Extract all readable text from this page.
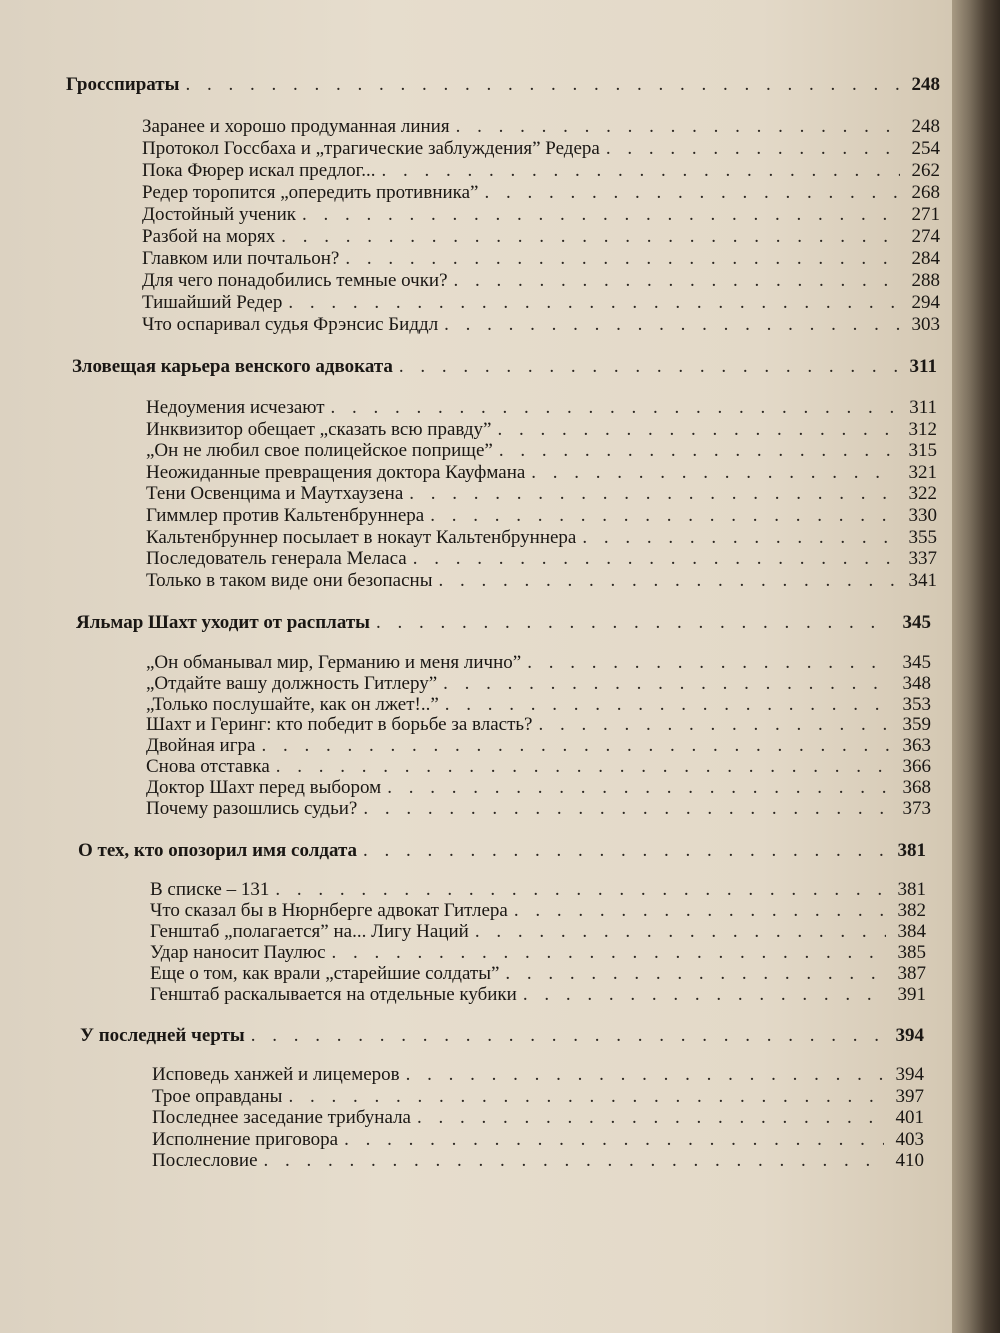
Гросспираты . . .	248
Заранее и хорошо продуманная линия . . .	248
Протокол Госсбаха и „трагические заблуждения” Редера . . .	254
Пока Фюрер искал предлог... . . .	262
Редер торопится „опередить противника” . . .	268
Достойный ученик . . .	271
Разбой на морях . . .	274
Главком или почтальон? . . .	284
Для чего понадобились темные очки? . . .	288
Тишайший Редер . . .	294
Что оспаривал судья Фрэнсис Биддл . . .	303
Зловещая карьера венского адвоката . . .	311
Недоумения исчезают . . .	311
Инквизитор обещает „сказать всю правду” . . .	312
„Он не любил свое полицейское поприще” . . .	315
Неожиданные превращения доктора Кауфмана . . .	321
Тени Освенцима и Маутхаузена . . .	322
Гиммлер против Кальтенбруннера . . .	330
Кальтенбруннер посылает в нокаут Кальтенбруннера . . .	355
Последователь генерала Меласа . . .	337
Только в таком виде они безопасны . . .	341
Яльмар Шахт уходит от расплаты . . .	345
„Он обманывал мир, Германию и меня лично” . . .	345
„Отдайте вашу должность Гитлеру” . . .	348
„Только послушайте, как он лжет!..” . . .	353
Шахт и Геринг: кто победит в борьбе за власть? . . .	359
Двойная игра . . .	363
Снова отставка . . .	366
Доктор Шахт перед выбором . . .	368
Почему разошлись судьи? . . .	373
О тех, кто опозорил имя солдата . . .	381
В списке – 131 . . .	381
Что сказал бы в Нюрнберге адвокат Гитлера . . .	382
Генштаб „полагается” на... Лигу Наций . . .	384
Удар наносит Паулюс . . .	385
Еще о том, как врали „старейшие солдаты” . . .	387
Генштаб раскалывается на отдельные кубики . . .	391
У последней черты . . .	394
Исповедь ханжей и лицемеров . . .	394
Трое оправданы . . .	397
Последнее заседание трибунала . . .	401
Исполнение приговора . . .	403
Послесловие . . .	410
